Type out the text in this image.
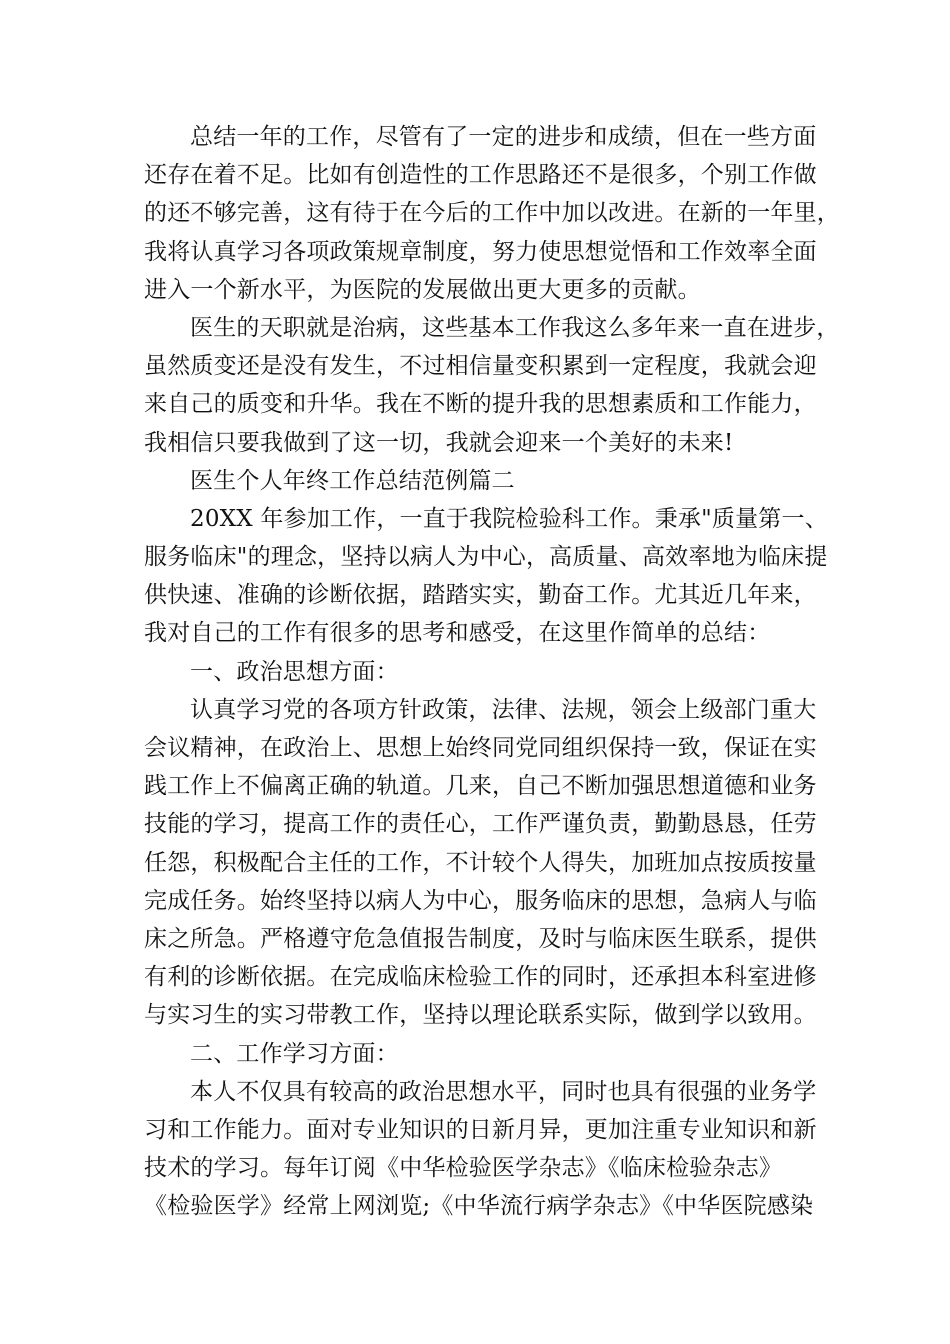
总结一年的工作，尽管有了一定的进步和成绩，但在一些方面
还存在着不足。比如有创造性的工作思路还不是很多，个别工作做
的还不够完善，这有待于在今后的工作中加以改进。在新的一年里，
我将认真学习各项政策规章制度，努力使思想觉悟和工作效率全面
进入一个新水平，为医院的发展做出更大更多的贡献。
医生的天职就是治病，这些基本工作我这么多年来一直在进步，
虽然质变还是没有发生，不过相信量变积累到一定程度，我就会迎
来自己的质变和升华。我在不断的提升我的思想素质和工作能力，
我相信只要我做到了这一切，我就会迎来一个美好的未来!
医生个人年终工作总结范例篇二
20XX 年参加工作，一直于我院检验科工作。秉承"质量第一、
服务临床"的理念，坚持以病人为中心，高质量、高效率地为临床提
供快速、准确的诊断依据，踏踏实实，勤奋工作。尤其近几年来，
我对自己的工作有很多的思考和感受，在这里作简单的总结：
一、政治思想方面：
认真学习党的各项方针政策，法律、法规，领会上级部门重大
会议精神，在政治上、思想上始终同党同组织保持一致，保证在实
践工作上不偏离正确的轨道。几来，自己不断加强思想道德和业务
技能的学习，提高工作的责任心，工作严谨负责，勤勤恳恳，任劳
任怨，积极配合主任的工作，不计较个人得失，加班加点按质按量
完成任务。始终坚持以病人为中心，服务临床的思想，急病人与临
床之所急。严格遵守危急值报告制度，及时与临床医生联系，提供
有利的诊断依据。在完成临床检验工作的同时，还承担本科室进修
与实习生的实习带教工作，坚持以理论联系实际，做到学以致用。
二、工作学习方面：
本人不仅具有较高的政治思想水平，同时也具有很强的业务学
习和工作能力。面对专业知识的日新月异，更加注重专业知识和新
技术的学习。每年订阅《中华检验医学杂志》《临床检验杂志》
《检验医学》经常上网浏览;《中华流行病学杂志》《中华医院感染
